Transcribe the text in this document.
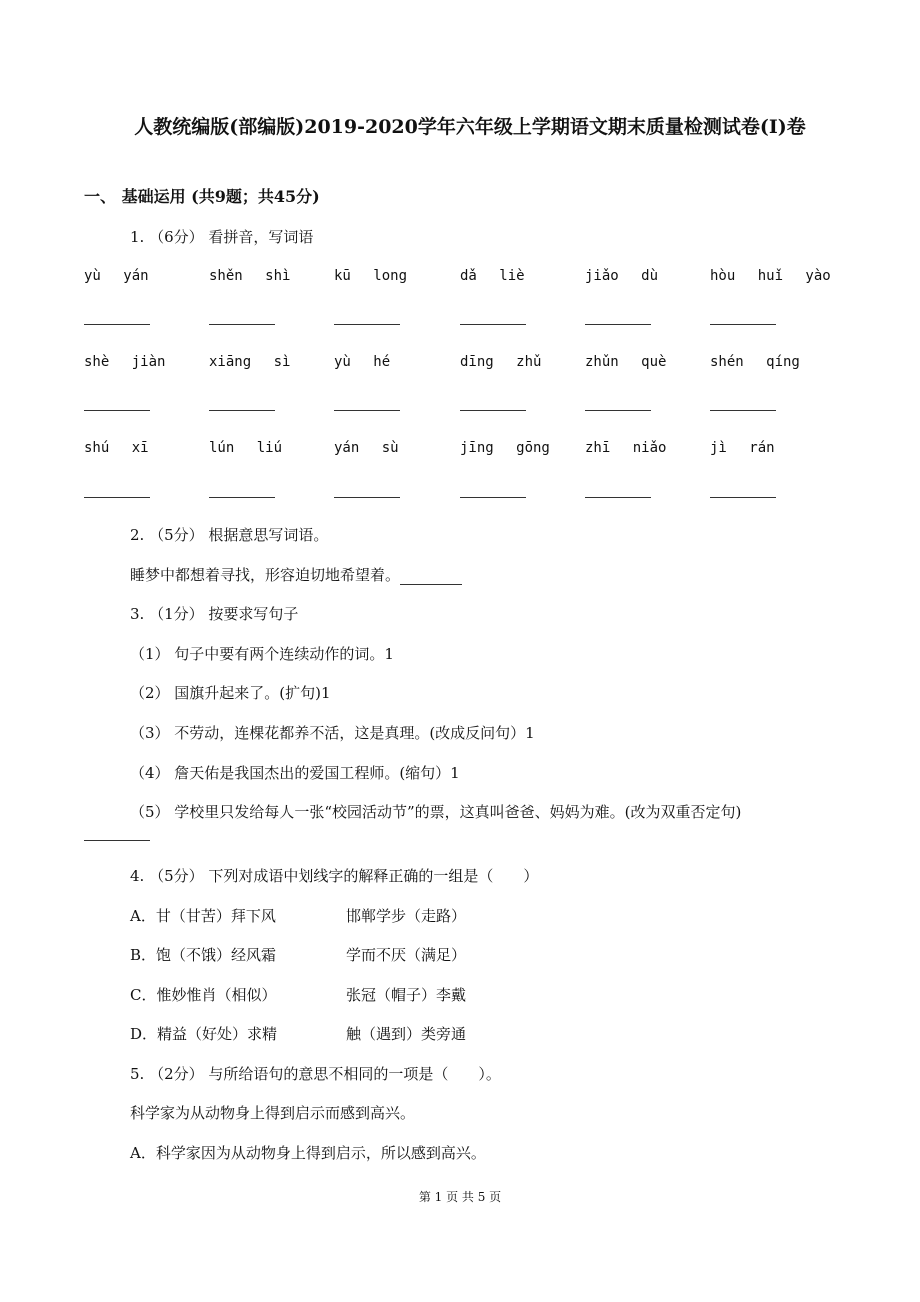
人教统编版(部编版)2019-2020学年六年级上学期语文期末质量检测试卷(I)卷
一、 基础运用 (共9题；共45分)
1. （6分） 看拼音，写词语
yù yán	shěn shì	kū long	dǎ liè	jiǎo dù	hòu huǐ yào
shè jiàn	xiāng sì	yù hé	dīng zhǔ	zhǔn què	shén qíng
shú xī	lún liú	yán sù	jīng gōng	zhī niǎo	jì rán
2. （5分） 根据意思写词语。
睡梦中都想着寻找，形容迫切地希望着。
3. （1分） 按要求写句子
（1） 句子中要有两个连续动作的词。1
（2） 国旗升起来了。(扩句)1
（3） 不劳动，连棵花都养不活，这是真理。(改成反问句）1
（4） 詹天佑是我国杰出的爱国工程师。(缩句）1
（5） 学校里只发给每人一张“校园活动节”的票，这真叫爸爸、妈妈为难。(改为双重否定句)
4. （5分） 下列对成语中划线字的解释正确的一组是（　　）
A．甘（甘苦）拜下风	邯郸学步（走路）
B．饱（不饿）经风霜	学而不厌（满足）
C．惟妙惟肖（相似）	张冠（帽子）李戴
D．精益（好处）求精	触（遇到）类旁通
5. （2分） 与所给语句的意思不相同的一项是（　　）。
科学家为从动物身上得到启示而感到高兴。
A．科学家因为从动物身上得到启示，所以感到高兴。
第 1 页 共 5 页
